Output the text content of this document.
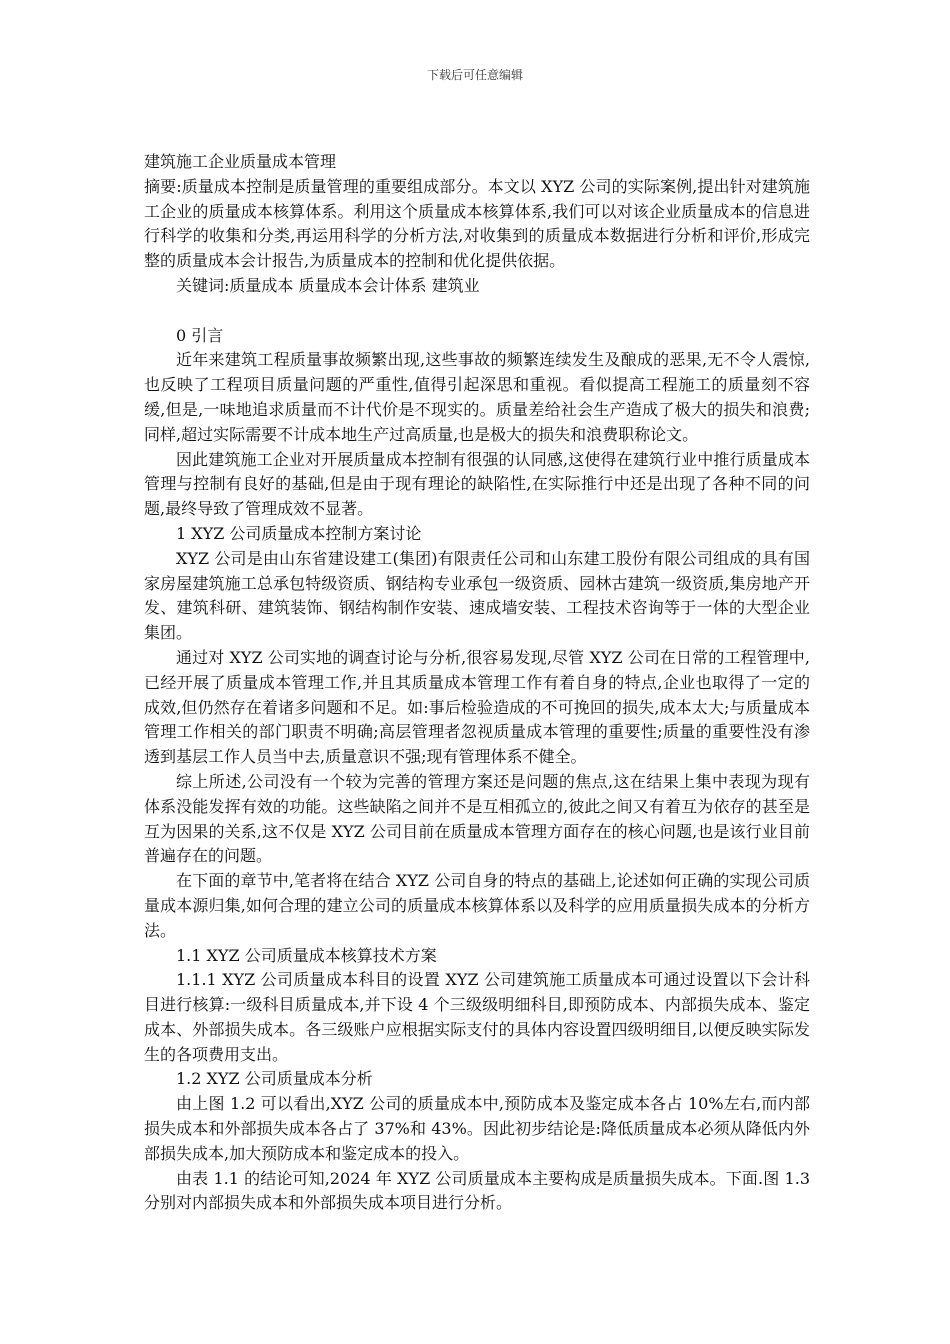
下载后可任意编辑

建筑施工企业质量成本管理

摘要:质量成本控制是质量管理的重要组成部分。本文以 XYZ 公司的实际案例,提出针对建筑施工企业的质量成本核算体系。利用这个质量成本核算体系,我们可以对该企业质量成本的信息进行科学的收集和分类,再运用科学的分析方法,对收集到的质量成本数据进行分析和评价,形成完整的质量成本会计报告,为质量成本的控制和优化提供依据。

关键词:质量成本 质量成本会计体系 建筑业

0 引言

近年来建筑工程质量事故频繁出现,这些事故的频繁连续发生及酿成的恶果,无不令人震惊,也反映了工程项目质量问题的严重性,值得引起深思和重视。看似提高工程施工的质量刻不容缓,但是,一味地追求质量而不计代价是不现实的。质量差给社会生产造成了极大的损失和浪费;同样,超过实际需要不计成本地生产过高质量,也是极大的损失和浪费职称论文。

因此建筑施工企业对开展质量成本控制有很强的认同感,这使得在建筑行业中推行质量成本管理与控制有良好的基础,但是由于现有理论的缺陷性,在实际推行中还是出现了各种不同的问题,最终导致了管理成效不显著。

1 XYZ 公司质量成本控制方案讨论

XYZ 公司是由山东省建设建工(集团)有限责任公司和山东建工股份有限公司组成的具有国家房屋建筑施工总承包特级资质、钢结构专业承包一级资质、园林古建筑一级资质,集房地产开发、建筑科研、建筑装饰、钢结构制作安装、速成墙安装、工程技术咨询等于一体的大型企业集团。

通过对 XYZ 公司实地的调查讨论与分析,很容易发现,尽管 XYZ 公司在日常的工程管理中,已经开展了质量成本管理工作,并且其质量成本管理工作有着自身的特点,企业也取得了一定的成效,但仍然存在着诸多问题和不足。如:事后检验造成的不可挽回的损失,成本太大;与质量成本管理工作相关的部门职责不明确;高层管理者忽视质量成本管理的重要性;质量的重要性没有渗透到基层工作人员当中去,质量意识不强;现有管理体系不健全。

综上所述,公司没有一个较为完善的管理方案还是问题的焦点,这在结果上集中表现为现有体系没能发挥有效的功能。这些缺陷之间并不是互相孤立的,彼此之间又有着互为依存的甚至是互为因果的关系,这不仅是 XYZ 公司目前在质量成本管理方面存在的核心问题,也是该行业目前普遍存在的问题。

在下面的章节中,笔者将在结合 XYZ 公司自身的特点的基础上,论述如何正确的实现公司质量成本源归集,如何合理的建立公司的质量成本核算体系以及科学的应用质量损失成本的分析方法。

1.1 XYZ 公司质量成本核算技术方案

1.1.1 XYZ 公司质量成本科目的设置 XYZ 公司建筑施工质量成本可通过设置以下会计科目进行核算:一级科目质量成本,并下设 4 个三级级明细科目,即预防成本、内部损失成本、鉴定成本、外部损失成本。各三级账户应根据实际支付的具体内容设置四级明细目,以便反映实际发生的各项费用支出。

1.2 XYZ 公司质量成本分析

由上图 1.2 可以看出,XYZ 公司的质量成本中,预防成本及鉴定成本各占 10%左右,而内部损失成本和外部损失成本各占了 37%和 43%。因此初步结论是:降低质量成本必须从降低内外部损失成本,加大预防成本和鉴定成本的投入。

由表 1.1 的结论可知,2024 年 XYZ 公司质量成本主要构成是质量损失成本。下面.图 1.3 分别对内部损失成本和外部损失成本项目进行分析。
